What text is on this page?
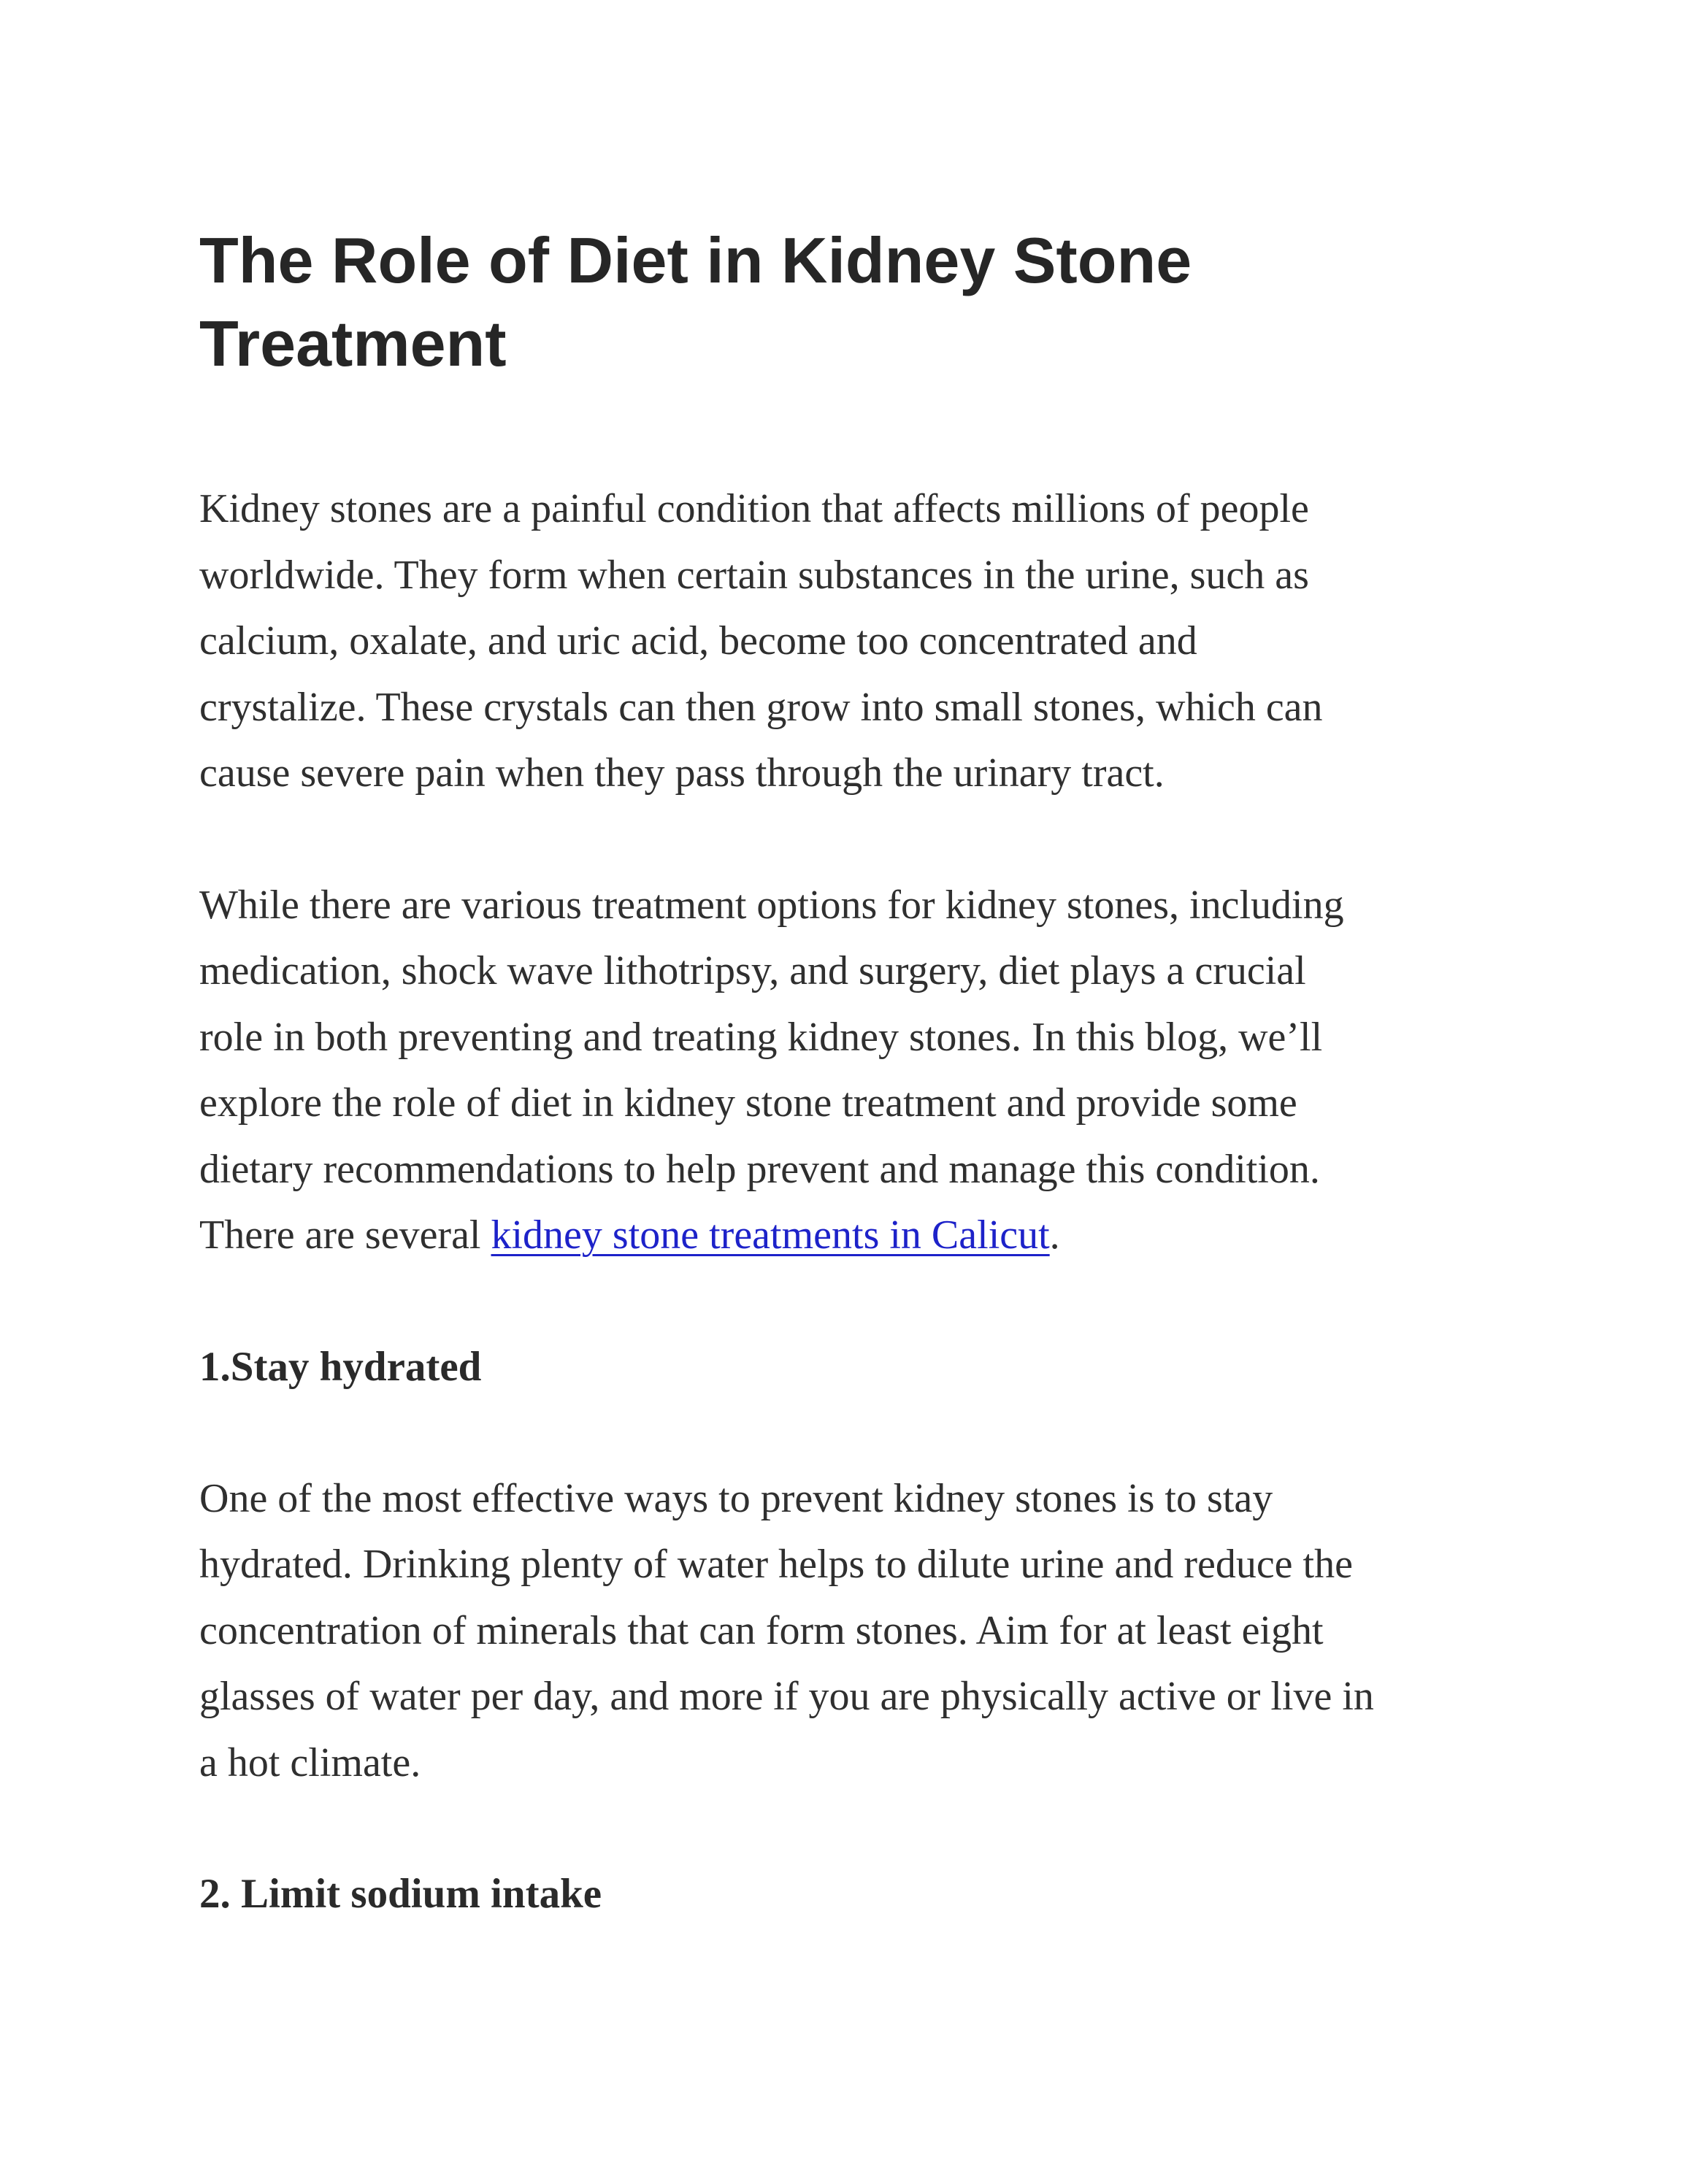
The Role of Diet in Kidney Stone
Treatment

Kidney stones are a painful condition that affects millions of people
worldwide. They form when certain substances in the urine, such as
calcium, oxalate, and uric acid, become too concentrated and
crystalize. These crystals can then grow into small stones, which can
cause severe pain when they pass through the urinary tract.

While there are various treatment options for kidney stones, including
medication, shock wave lithotripsy, and surgery, diet plays a crucial
role in both preventing and treating kidney stones. In this blog, we’ll
explore the role of diet in kidney stone treatment and provide some
dietary recommendations to help prevent and manage this condition.
There are several kidney stone treatments in Calicut.

1.Stay hydrated

One of the most effective ways to prevent kidney stones is to stay
hydrated. Drinking plenty of water helps to dilute urine and reduce the
concentration of minerals that can form stones. Aim for at least eight
glasses of water per day, and more if you are physically active or live in
a hot climate.

2. Limit sodium intake
